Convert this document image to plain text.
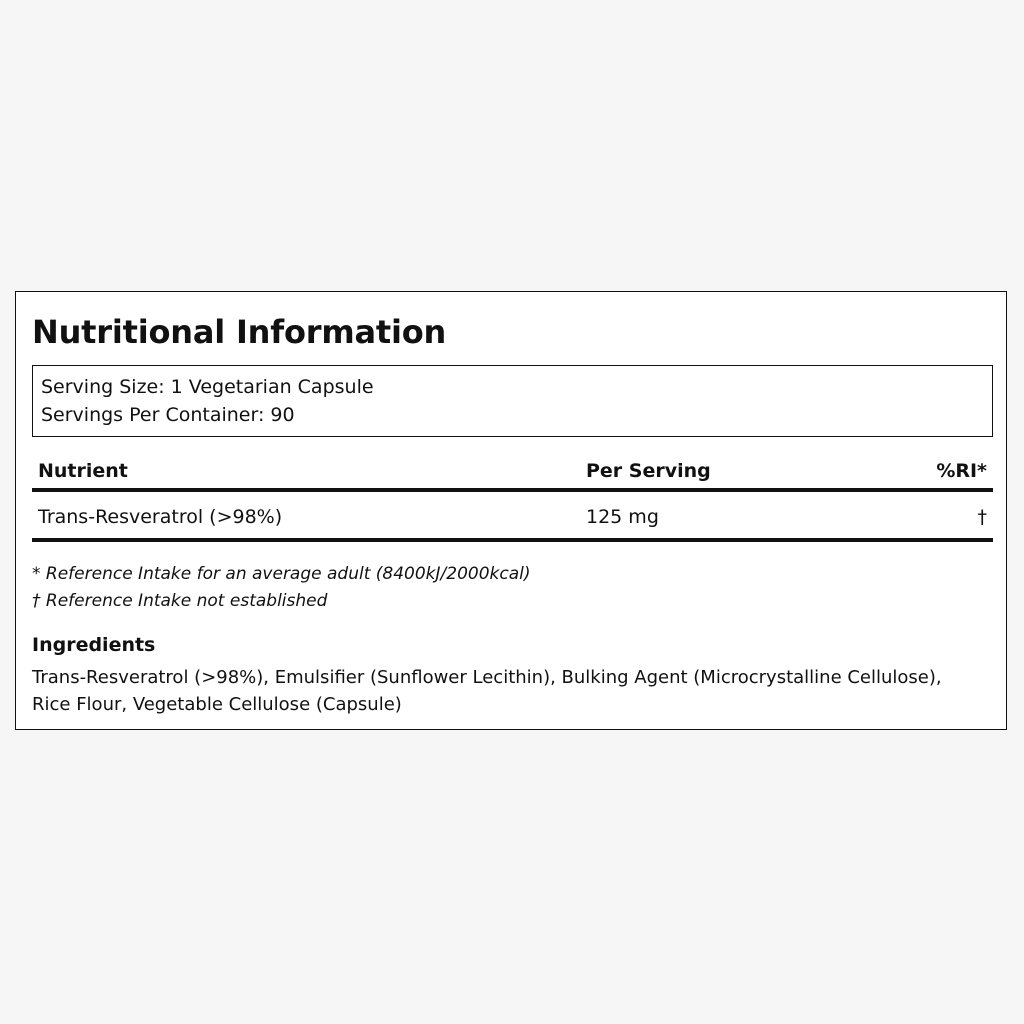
Nutritional Information
Serving Size: 1 Vegetarian Capsule
Servings Per Container: 90
Nutrient	Per Serving	%RI*
Trans-Resveratrol (>98%)	125 mg	†
* Reference Intake for an average adult (8400kJ/2000kcal)
† Reference Intake not established
Ingredients
Trans-Resveratrol (>98%), Emulsifier (Sunflower Lecithin), Bulking Agent (Microcrystalline Cellulose), Rice Flour, Vegetable Cellulose (Capsule)
